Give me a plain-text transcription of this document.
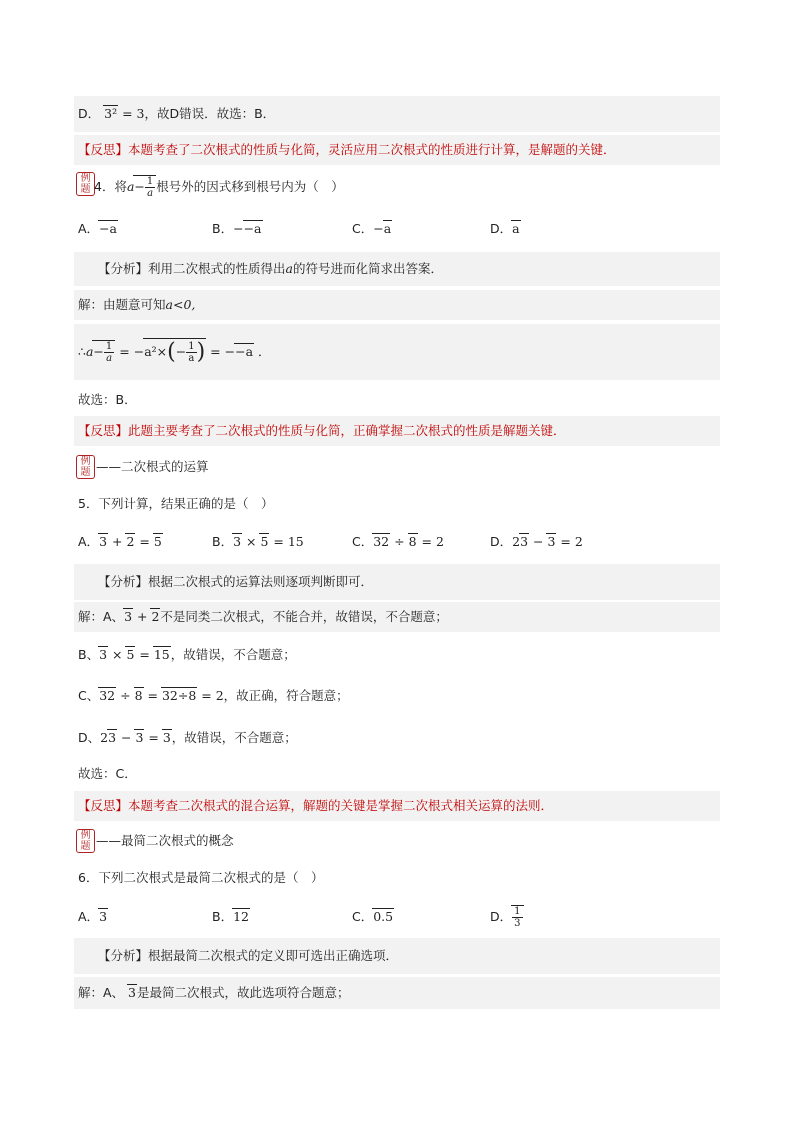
D． 3² = 3，故D错误．故选：B．
【反思】本题考查了二次根式的性质与化简，灵活应用二次根式的性质进行计算，是解题的关键．
例
题 4．将$a- \frac{1}{a}$ 根号外的因式移到根号内为（　）
A．−a	B．−−a	C．−a	D．a
【分析】利用二次根式的性质得出a的符号进而化简求出答案．
解：由题意可知a<0,
∴a− $\frac{1}{a} = -a^2\times(- \frac{1}{a}$ ) = −−a ．
故选：B．
【反思】此题主要考查了二次根式的性质与化简，正确掌握二次根式的性质是解题关键．
例
题 ——二次根式的运算
5．下列计算，结果正确的是（　）
A．3 + 2 = 5	B．3 × 5 = 15	C．32 ÷ 8 = 2	D．23 − 3 = 2
【分析】根据二次根式的运算法则逐项判断即可．
解：A、3 + 2不是同类二次根式，不能合并，故错误，不合题意；
B、3 × 5 = 15，故错误，不合题意；
C、32 ÷ 8 = 32÷8 = 2，故正确，符合题意；
D、23 − 3 = 3，故错误，不合题意；
故选：C．
【反思】本题考查二次根式的混合运算，解题的关键是掌握二次根式相关运算的法则．
例
题 ——最简二次根式的概念
6．下列二次根式是最简二次根式的是（　）
A．3	B．12	C．0.5	D． $\frac{1}{3}$
【分析】根据最简二次根式的定义即可选出正确选项．
解：A、 3是最简二次根式，故此选项符合题意；
